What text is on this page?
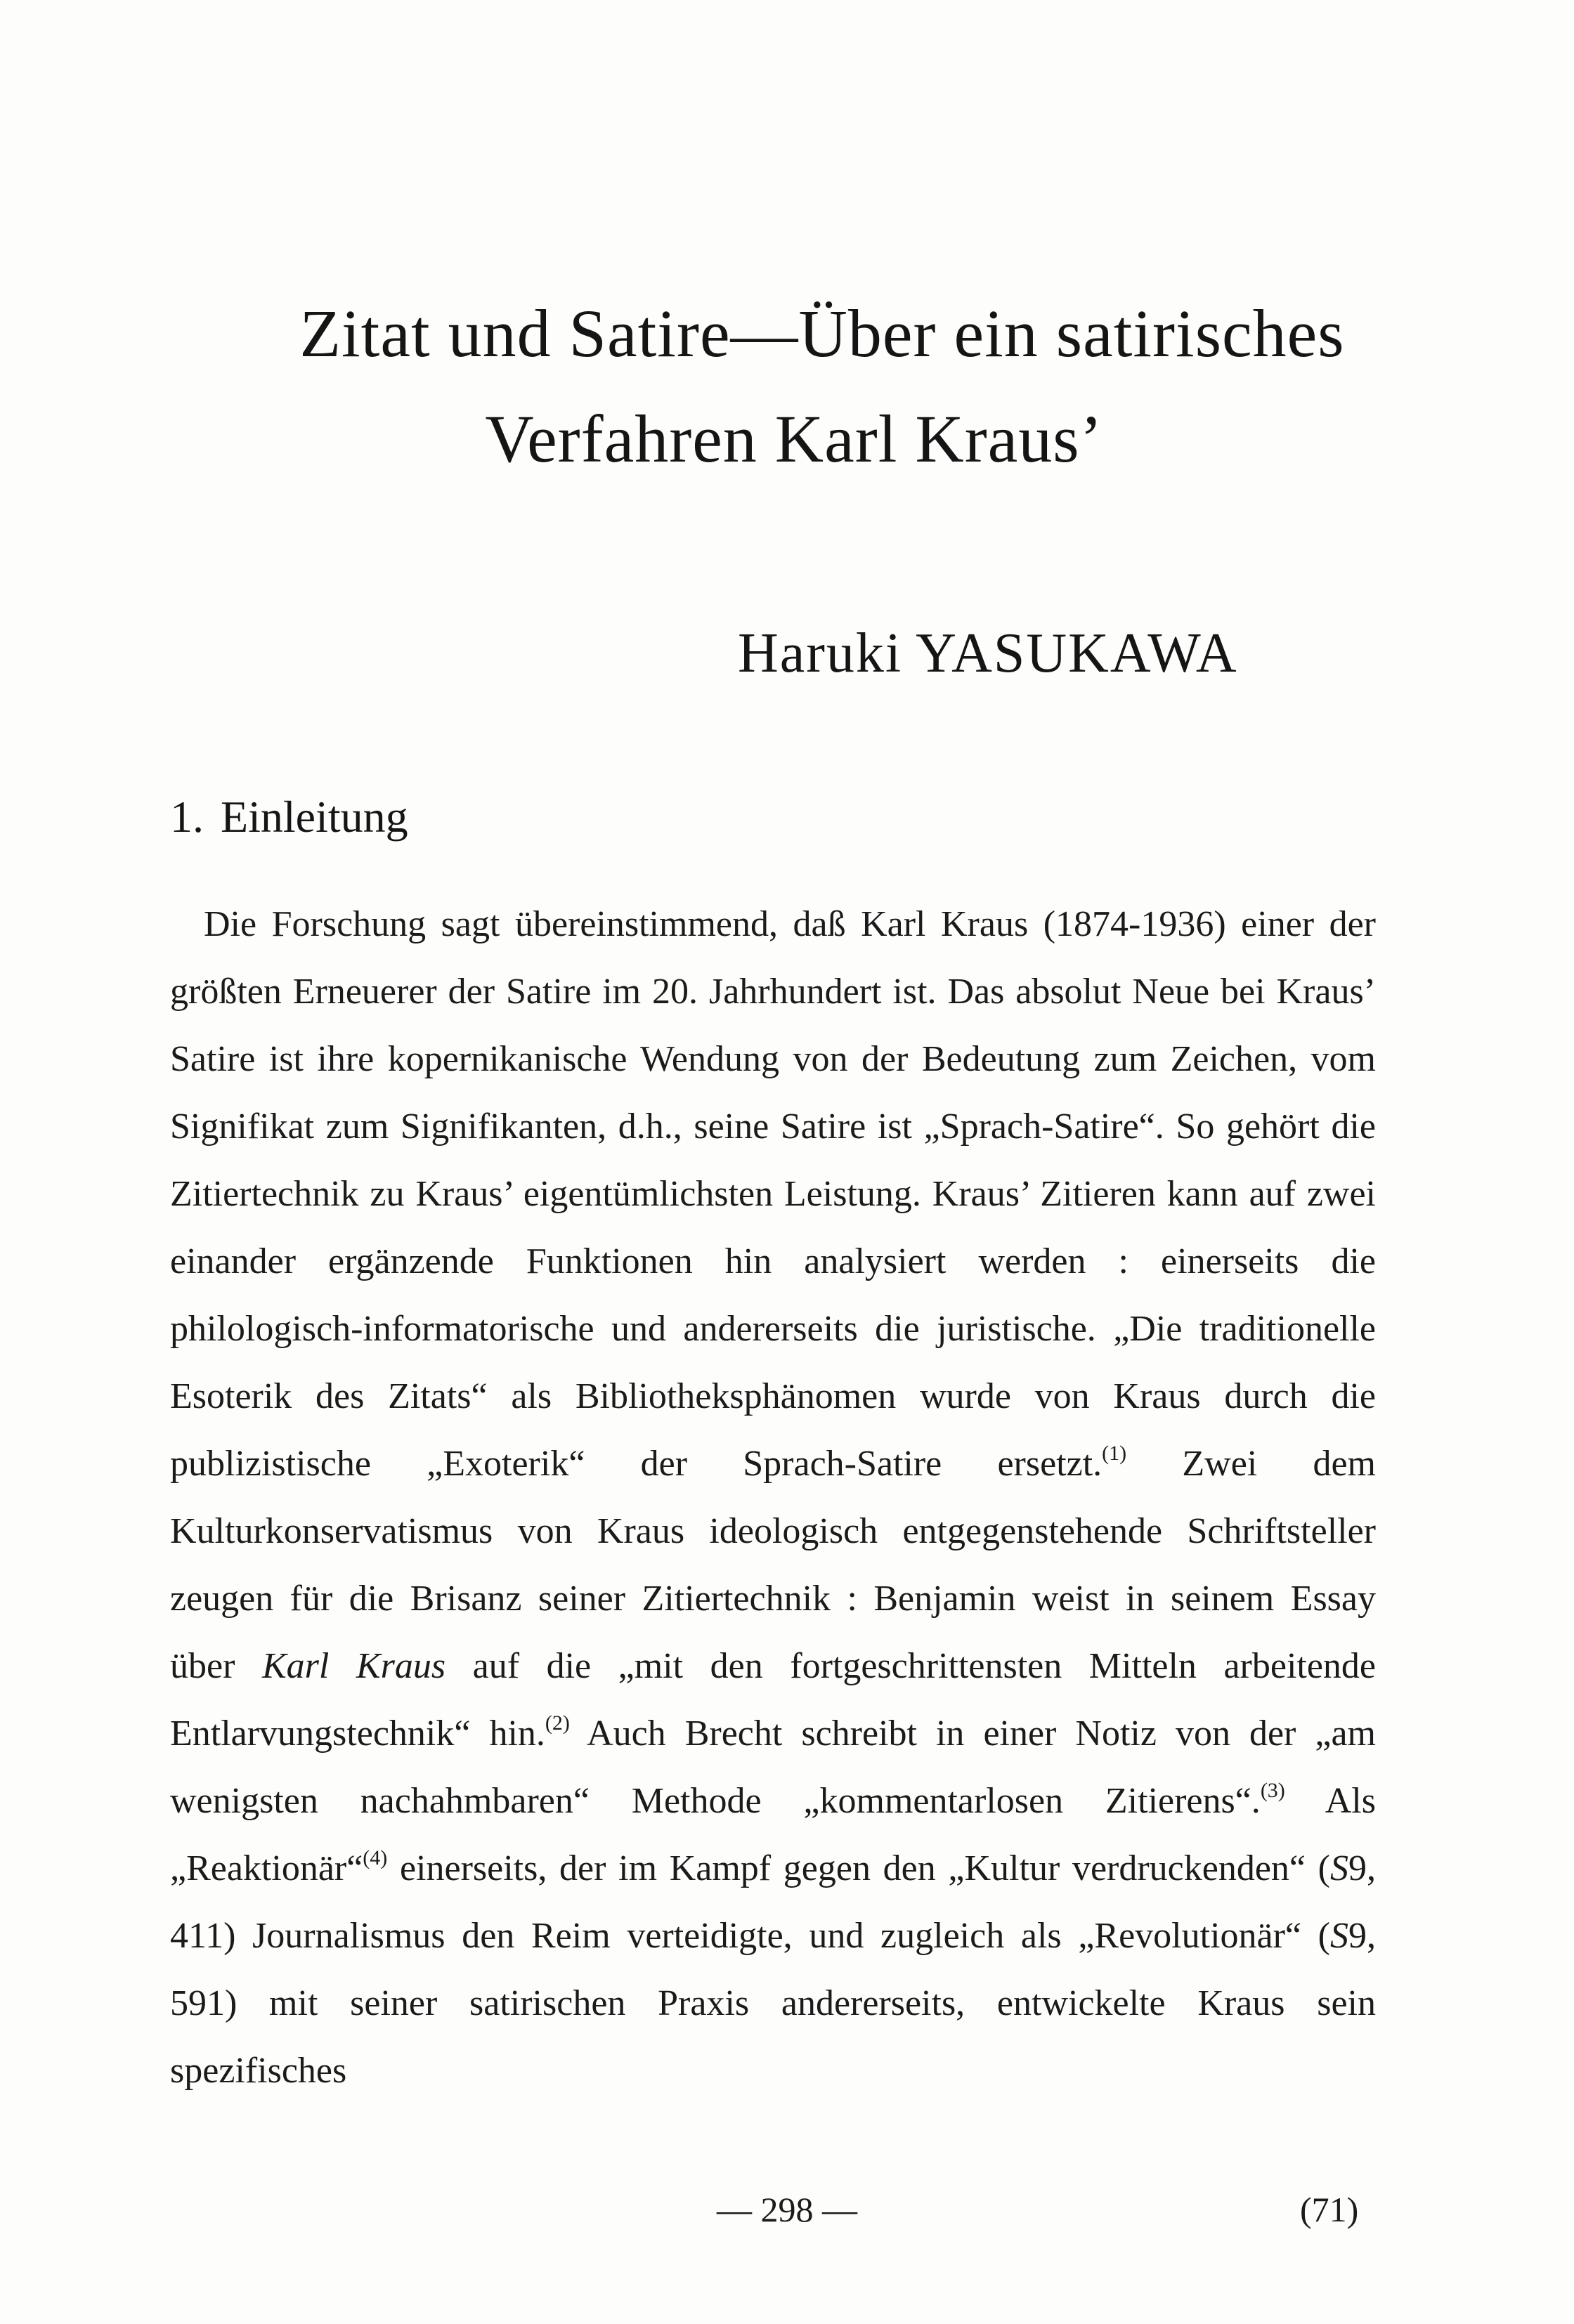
Zitat und Satire—Über ein satirisches
Verfahren Karl Kraus’
Haruki YASUKAWA
1. Einleitung

Die Forschung sagt übereinstimmend, daß Karl Kraus (1874-1936) einer der größten Erneuerer der Satire im 20. Jahrhundert ist. Das absolut Neue bei Kraus’ Satire ist ihre kopernikanische Wendung von der Bedeutung zum Zeichen, vom Signifikat zum Signifikanten, d.h., seine Satire ist „Sprach-Satire“. So gehört die Zitiertechnik zu Kraus’ eigentümlichsten Leistung. Kraus’ Zitieren kann auf zwei einander ergänzende Funktionen hin analysiert werden : einerseits die philologisch-informatorische und andererseits die juristische. „Die traditionelle Esoterik des Zitats“ als Bibliotheksphänomen wurde von Kraus durch die publizistische „Exoterik“ der Sprach-Satire ersetzt.$^{(1)}$ Zwei dem Kulturkonservatismus von Kraus ideologisch entgegenstehende Schriftsteller zeugen für die Brisanz seiner Zitiertechnik : Benjamin weist in seinem Essay über Karl Kraus auf die „mit den fortgeschrittensten Mitteln arbeitende Entlarvungstechnik“ hin.$^{(2)}$ Auch Brecht schreibt in einer Notiz von der „am wenigsten nachahmbaren“ Methode „kommentarlosen Zitierens“.$^{(3)}$ Als „Reaktionär“$^{(4)}$ einerseits, der im Kampf gegen den „Kultur verdruckenden“ (S9, 411) Journalismus den Reim verteidigte, und zugleich als „Revolutionär“ (S9, 591) mit seiner satirischen Praxis andererseits, entwickelte Kraus sein spezifisches

— 298 —	(71)
